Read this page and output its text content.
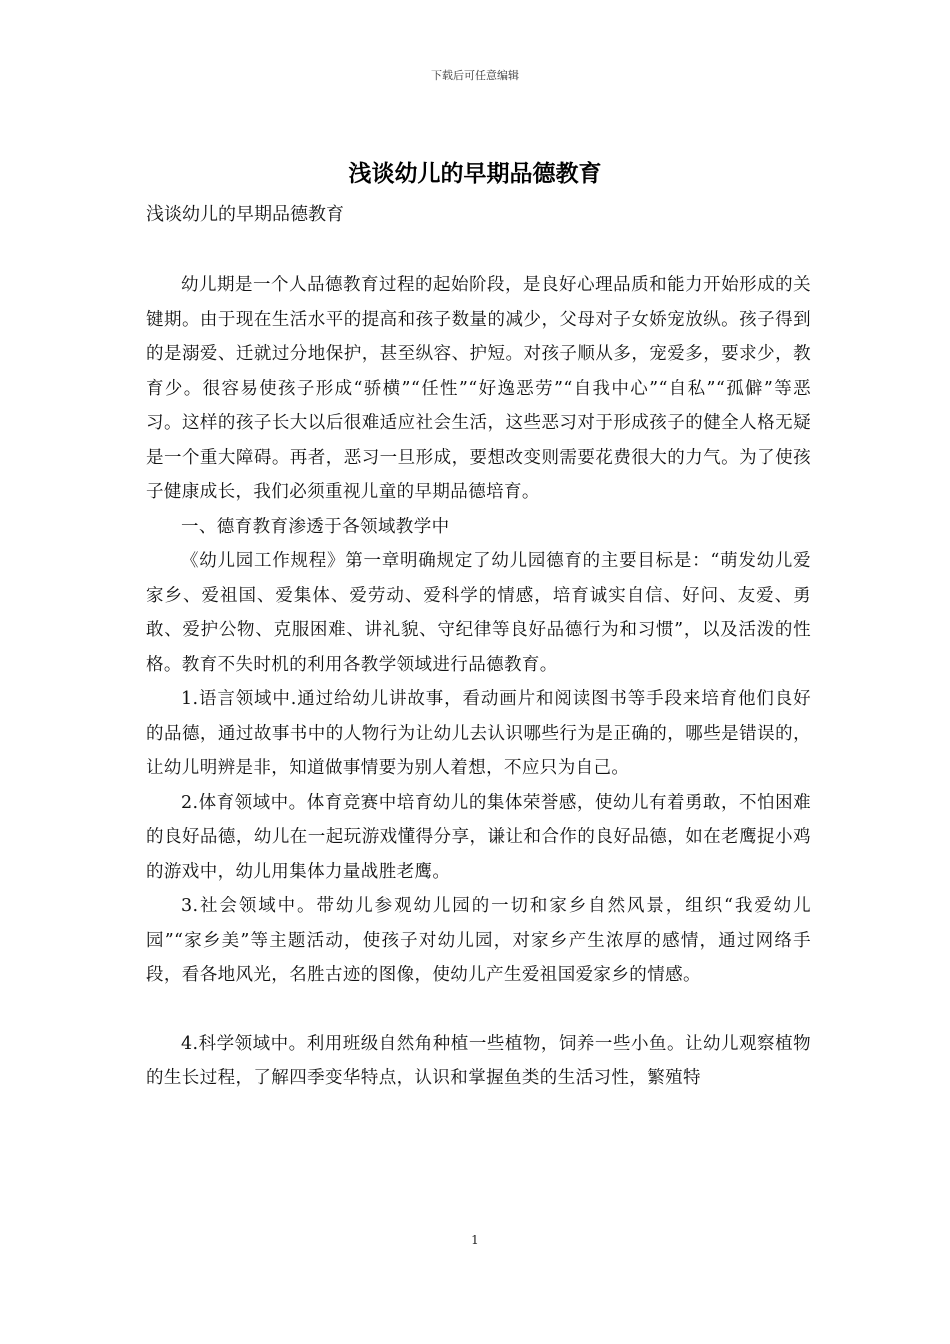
下载后可任意编辑
浅谈幼儿的早期品德教育
浅谈幼儿的早期品德教育

幼儿期是一个人品德教育过程的起始阶段，是良好心理品质和能力开始形成的关键期。由于现在生活水平的提高和孩子数量的减少，父母对子女娇宠放纵。孩子得到的是溺爱、迁就过分地保护，甚至纵容、护短。对孩子顺从多，宠爱多，要求少，教育少。很容易使孩子形成“骄横”“任性”“好逸恶劳”“自我中心”“自私”“孤僻”等恶习。这样的孩子长大以后很难适应社会生活，这些恶习对于形成孩子的健全人格无疑是一个重大障碍。再者，恶习一旦形成，要想改变则需要花费很大的力气。为了使孩子健康成长，我们必须重视儿童的早期品德培育。

一、德育教育渗透于各领域教学中

《幼儿园工作规程》第一章明确规定了幼儿园德育的主要目标是：“萌发幼儿爱家乡、爱祖国、爱集体、爱劳动、爱科学的情感，培育诚实自信、好问、友爱、勇敢、爱护公物、克服困难、讲礼貌、守纪律等良好品德行为和习惯”，以及活泼的性格。教育不失时机的利用各教学领域进行品德教育。

1.语言领域中.通过给幼儿讲故事，看动画片和阅读图书等手段来培育他们良好的品德，通过故事书中的人物行为让幼儿去认识哪些行为是正确的，哪些是错误的，让幼儿明辨是非，知道做事情要为别人着想，不应只为自己。

2.体育领域中。体育竞赛中培育幼儿的集体荣誉感，使幼儿有着勇敢，不怕困难的良好品德，幼儿在一起玩游戏懂得分享，谦让和合作的良好品德，如在老鹰捉小鸡的游戏中，幼儿用集体力量战胜老鹰。

3.社会领域中。带幼儿参观幼儿园的一切和家乡自然风景，组织“我爱幼儿园”“家乡美”等主题活动，使孩子对幼儿园，对家乡产生浓厚的感情，通过网络手段，看各地风光，名胜古迹的图像，使幼儿产生爱祖国爱家乡的情感。

4.科学领域中。利用班级自然角种植一些植物，饲养一些小鱼。让幼儿观察植物的生长过程，了解四季变华特点，认识和掌握鱼类的生活习性，繁殖特

1
